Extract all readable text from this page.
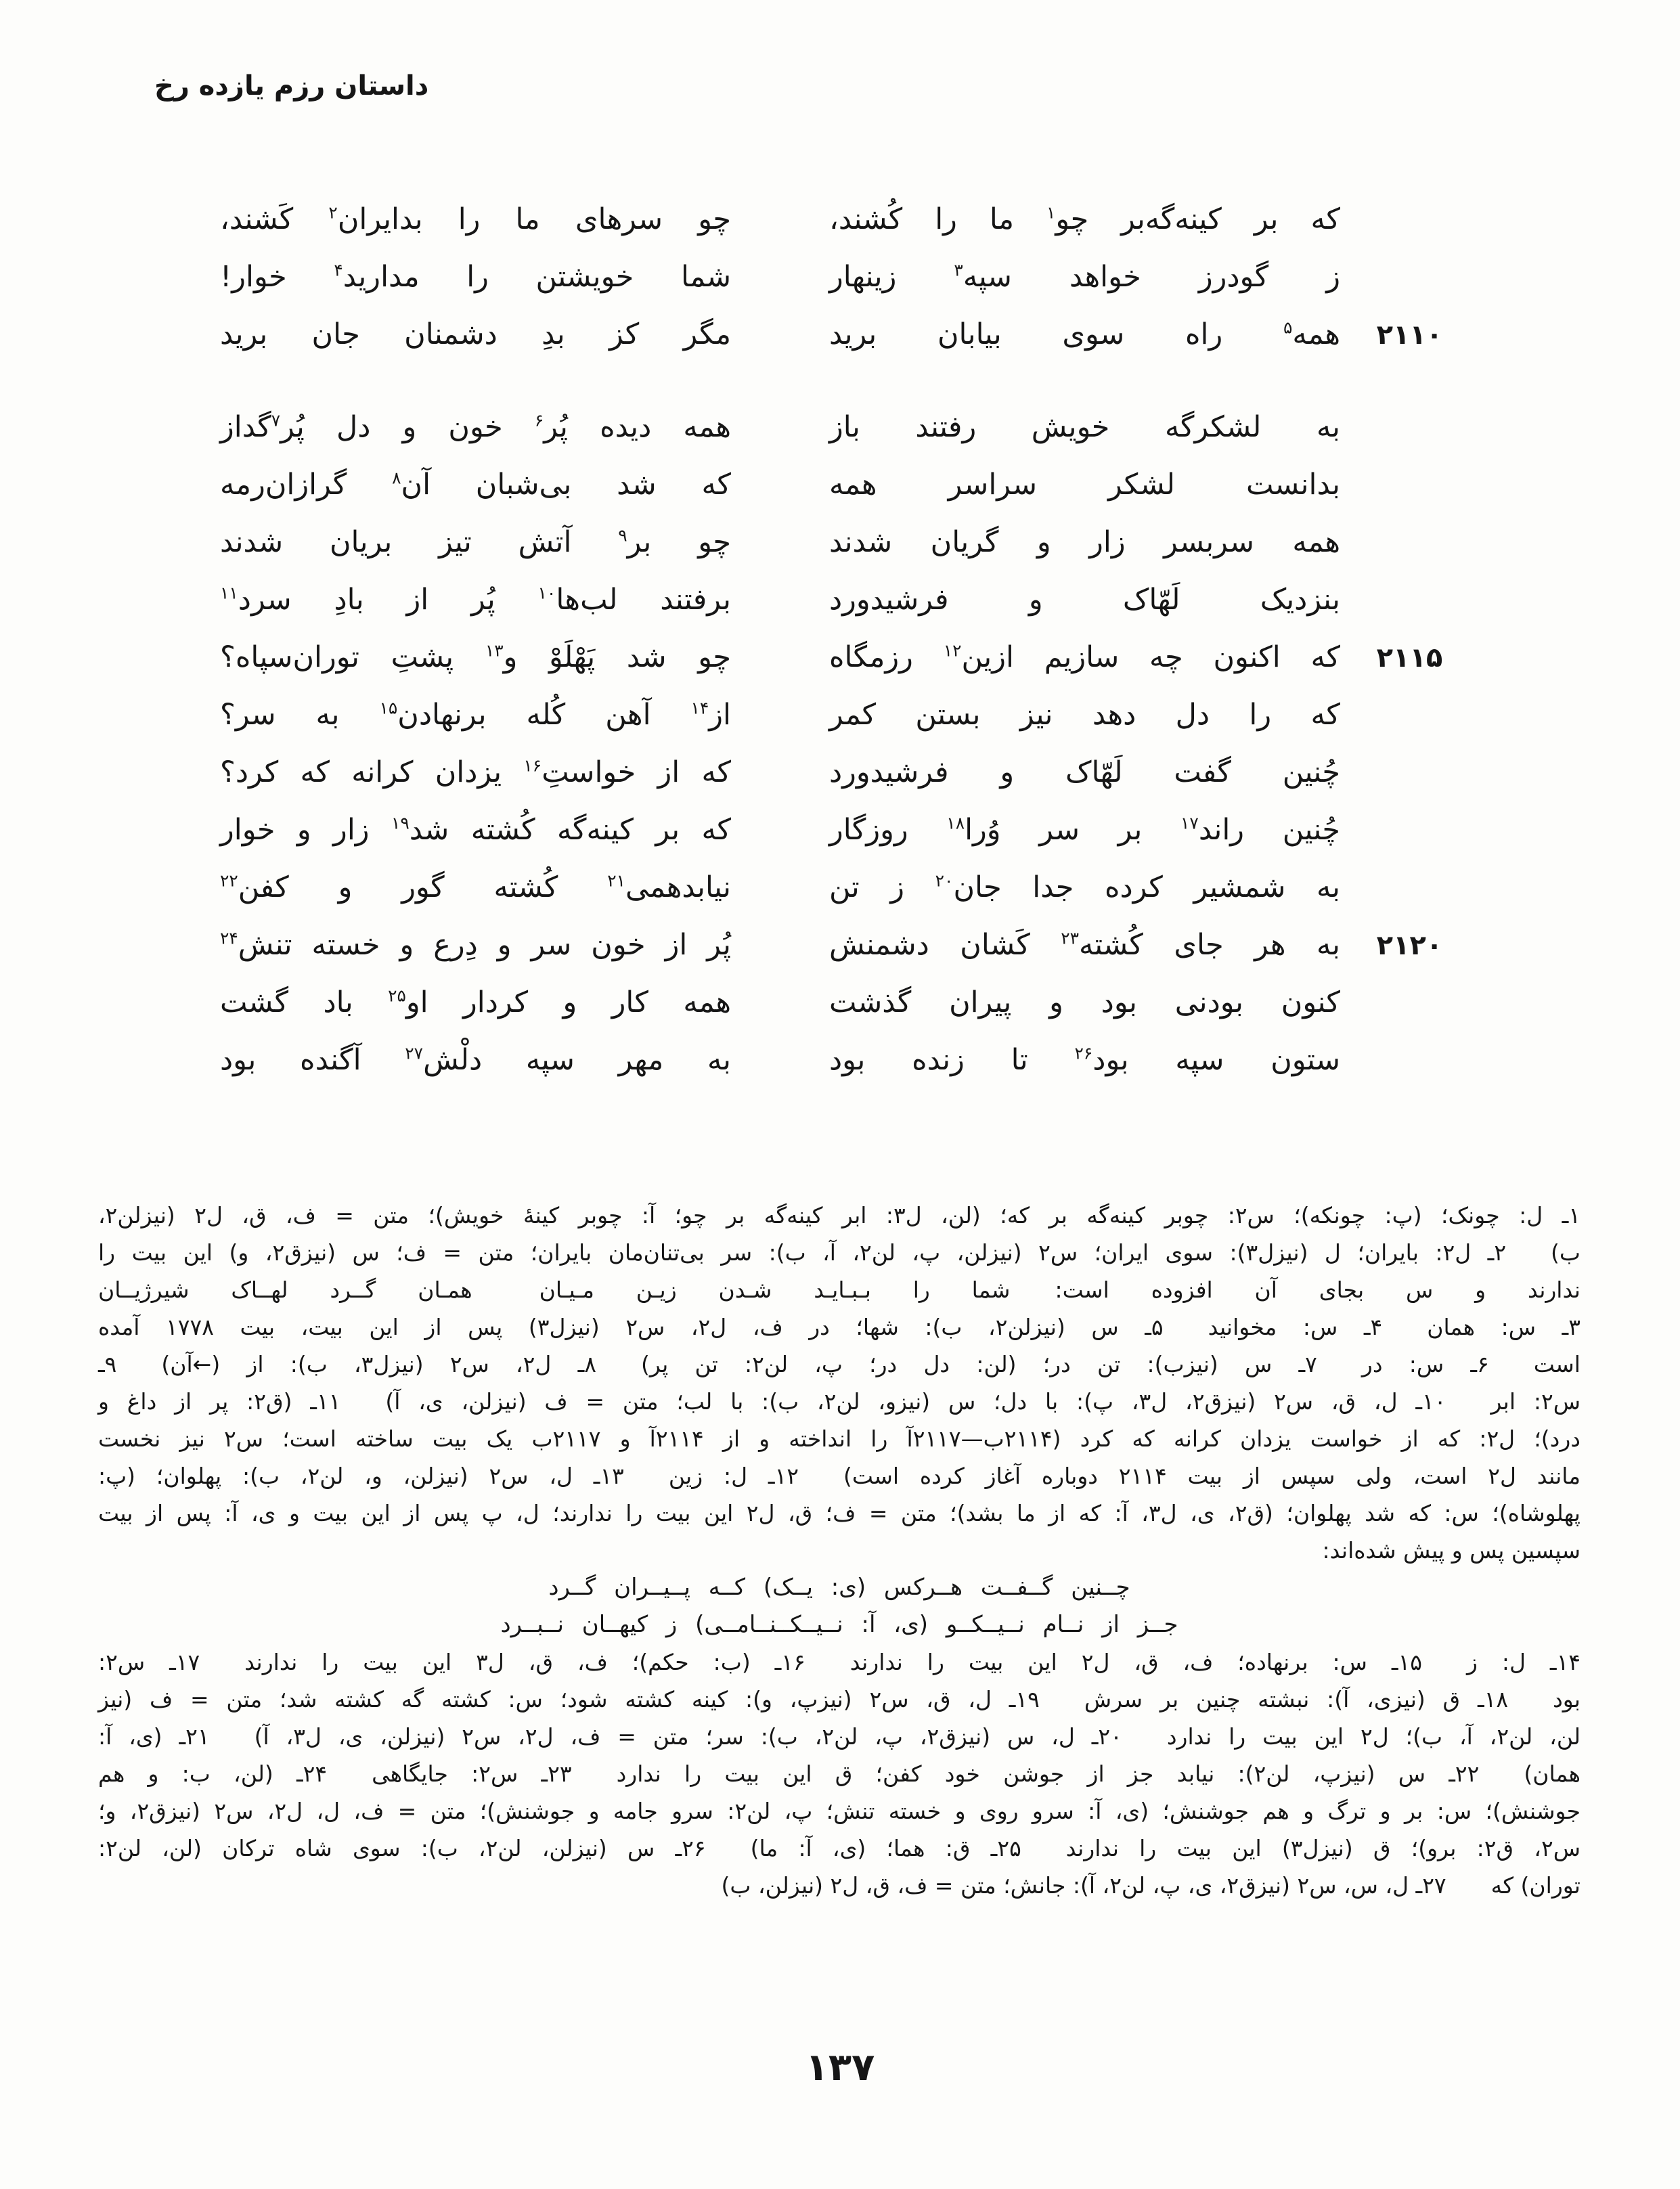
داستان رزم یازده رخ
که بر کینه‌گه‌بر چو$^۱$ ما را کُشند،
چو سرهای ما را بدایران$^۲$ کَشند،
ز گودرز خواهد سپه$^۳$ زینهار
شما خویشتن را مدارید$^۴$ خوار!
۲۱۱۰
همه$^۵$ راه سوی بیابان برید
مگر کز بدِ دشمنان جان برید
به لشکرگه خویش رفتند باز
همه دیده پُر$^۶$ خون و دل پُر$^۷$گداز
بدانست لشکر سراسر همه
که شد بی‌شبان آن$^۸$ گرازان‌رمه
همه سربسر زار و گریان شدند
چو بر$^۹$ آتش تیز بریان شدند
بنزدیک لَهّاک و فرشیدورد
برفتند لب‌ها$^{۱۰}$ پُر از بادِ سرد$^{۱۱}$
۲۱۱۵
که اکنون چه سازیم ازین$^{۱۲}$ رزمگاه
چو شد پَهْلَوْ و$^{۱۳}$ پشتِ توران‌سپاه؟
که را دل دهد نیز بستن کمر
از$^{۱۴}$ آهن کُله برنهادن$^{۱۵}$ به سر؟
چُنین گفت لَهّاک و فرشیدورد
که از خواستِ$^{۱۶}$ یزدان کرانه که کرد؟
چُنین راند$^{۱۷}$ بر سر وُرا$^{۱۸}$ روزگار
که بر کینه‌گه کُشته شد$^{۱۹}$ زار و خوار
به شمشیر کرده جدا جان$^{۲۰}$ ز تن
نیابدهمی$^{۲۱}$ کُشته گور و کفن$^{۲۲}$
۲۱۲۰
به هر جای کُشته$^{۲۳}$ کَشان دشمنش
پُر از خون سر و دِرع و خسته تنش$^{۲۴}$
کنون بودنی بود و پیران گذشت
همه کار و کردار او$^{۲۵}$ باد گشت
ستون سپه بود$^{۲۶}$ تا زنده بود
به مهر سپه دلْش$^{۲۷}$ آگنده بود
۱ـ ل: چونک؛ (پ: چونکه)؛ س۲: چوبر کینه‌گه بر که؛ (لن، ل۳: ابر کینه‌گه بر چو؛ آ: چوبر کینهٔ خویش)؛ متن = ف، ق، ل۲ (نیزلن۲،
ب)  ۲ـ ل۲: بایران؛ ل (نیزل۳): سوی ایران؛ س۲ (نیزلن، پ، لن۲، آ، ب): سر بی‌تنان‌مان بایران؛ متن = ف؛ س (نیزق۲، و) این بیت را
ندارند و س بجای آن افزوده است:  شما را بـبـایـد شـدن زیـن مـیـان   همـان گــرد لهــاک شیرژیــان
۳ـ س: همان  ۴ـ س: مخوانید  ۵ـ س (نیزلن۲، ب): شها؛ در ف، ل۲، س۲ (نیزل۳) پس از این بیت، بیت ۱۷۷۸ آمده
است  ۶ـ س: در  ۷ـ س (نیزب): تن در؛ (لن: دل در؛ پ، لن۲: تن پر)  ۸ـ ل۲، س۲ (نیزل۳، ب): از (←آن)  ۹ـ
س۲: ابر  ۱۰ـ ل، ق، س۲ (نیزق۲، ل۳، پ): با دل؛ س (نیزو، لن۲، ب): با لب؛ متن = ف (نیزلن، ی، آ)  ۱۱ـ (ق۲: پر از داغ و
درد)؛ ل۲: که از خواست یزدان کرانه که کرد (۲۱۱۴ب—۲۱۱۷آ را انداخته و از ۲۱۱۴آ و ۲۱۱۷ب یک بیت ساخته است؛ س۲ نیز نخست
مانند ل۲ است، ولی سپس از بیت ۲۱۱۴ دوباره آغاز کرده است)  ۱۲ـ ل: زین  ۱۳ـ ل، س۲ (نیزلن، و، لن۲، ب): پهلوان؛ (پ:
پهلوشاه)؛ س: که شد پهلوان؛ (ق۲، ی، ل۳، آ: که از ما بشد)؛ متن = ف؛ ق، ل۲ این بیت را ندارند؛ ل، پ پس از این بیت و ی، آ: پس از بیت
سپسین پس و پیش شده‌اند:
چــنین گــفــت هــرکس (ی: یــک) کــه پــیــران گــرد
جــز از نــام نــیــکــو (ی، آ: نــیــکــنــامــی) ز کیهــان نــبــرد
۱۴ـ ل: ز  ۱۵ـ س: برنهاده؛ ف، ق، ل۲ این بیت را ندارند  ۱۶ـ (ب: حکم)؛ ف، ق، ل۳ این بیت را ندارند  ۱۷ـ س۲:
بود  ۱۸ـ ق (نیزی، آ): نبشته چنین بر سرش  ۱۹ـ ل، ق، س۲ (نیزپ، و): کینه کشته شود؛ س: کشته گه کشته شد؛ متن = ف (نیز
لن، لن۲، آ، ب)؛ ل۲ این بیت را ندارد  ۲۰ـ ل، س (نیزق۲، پ، لن۲، ب): سر؛ متن = ف، ل۲، س۲ (نیزلن، ی، ل۳، آ)  ۲۱ـ (ی، آ:
همان)  ۲۲ـ س (نیزپ، لن۲): نیابد جز از جوشن خود کفن؛ ق این بیت را ندارد  ۲۳ـ س۲: جایگاهی  ۲۴ـ (لن، ب: و هم
جوشنش)؛ س: بر و ترگ و هم جوشنش؛ (ی، آ: سرو روی و خسته تنش؛ پ، لن۲: سرو جامه و جوشنش)؛ متن = ف، ل، ل۲، س۲ (نیزق۲، و؛
س۲، ق۲: برو)؛ ق (نیزل۳) این بیت را ندارند  ۲۵ـ ق: هما؛ (ی، آ: ما)  ۲۶ـ س (نیزلن، لن۲، ب): سوی شاه ترکان (لن، لن۲:
توران) که  ۲۷ـ ل، س، س۲ (نیزق۲، ی، پ، لن۲، آ): جانش؛ متن = ف، ق، ل۲ (نیزلن، ب)
۱۳۷
